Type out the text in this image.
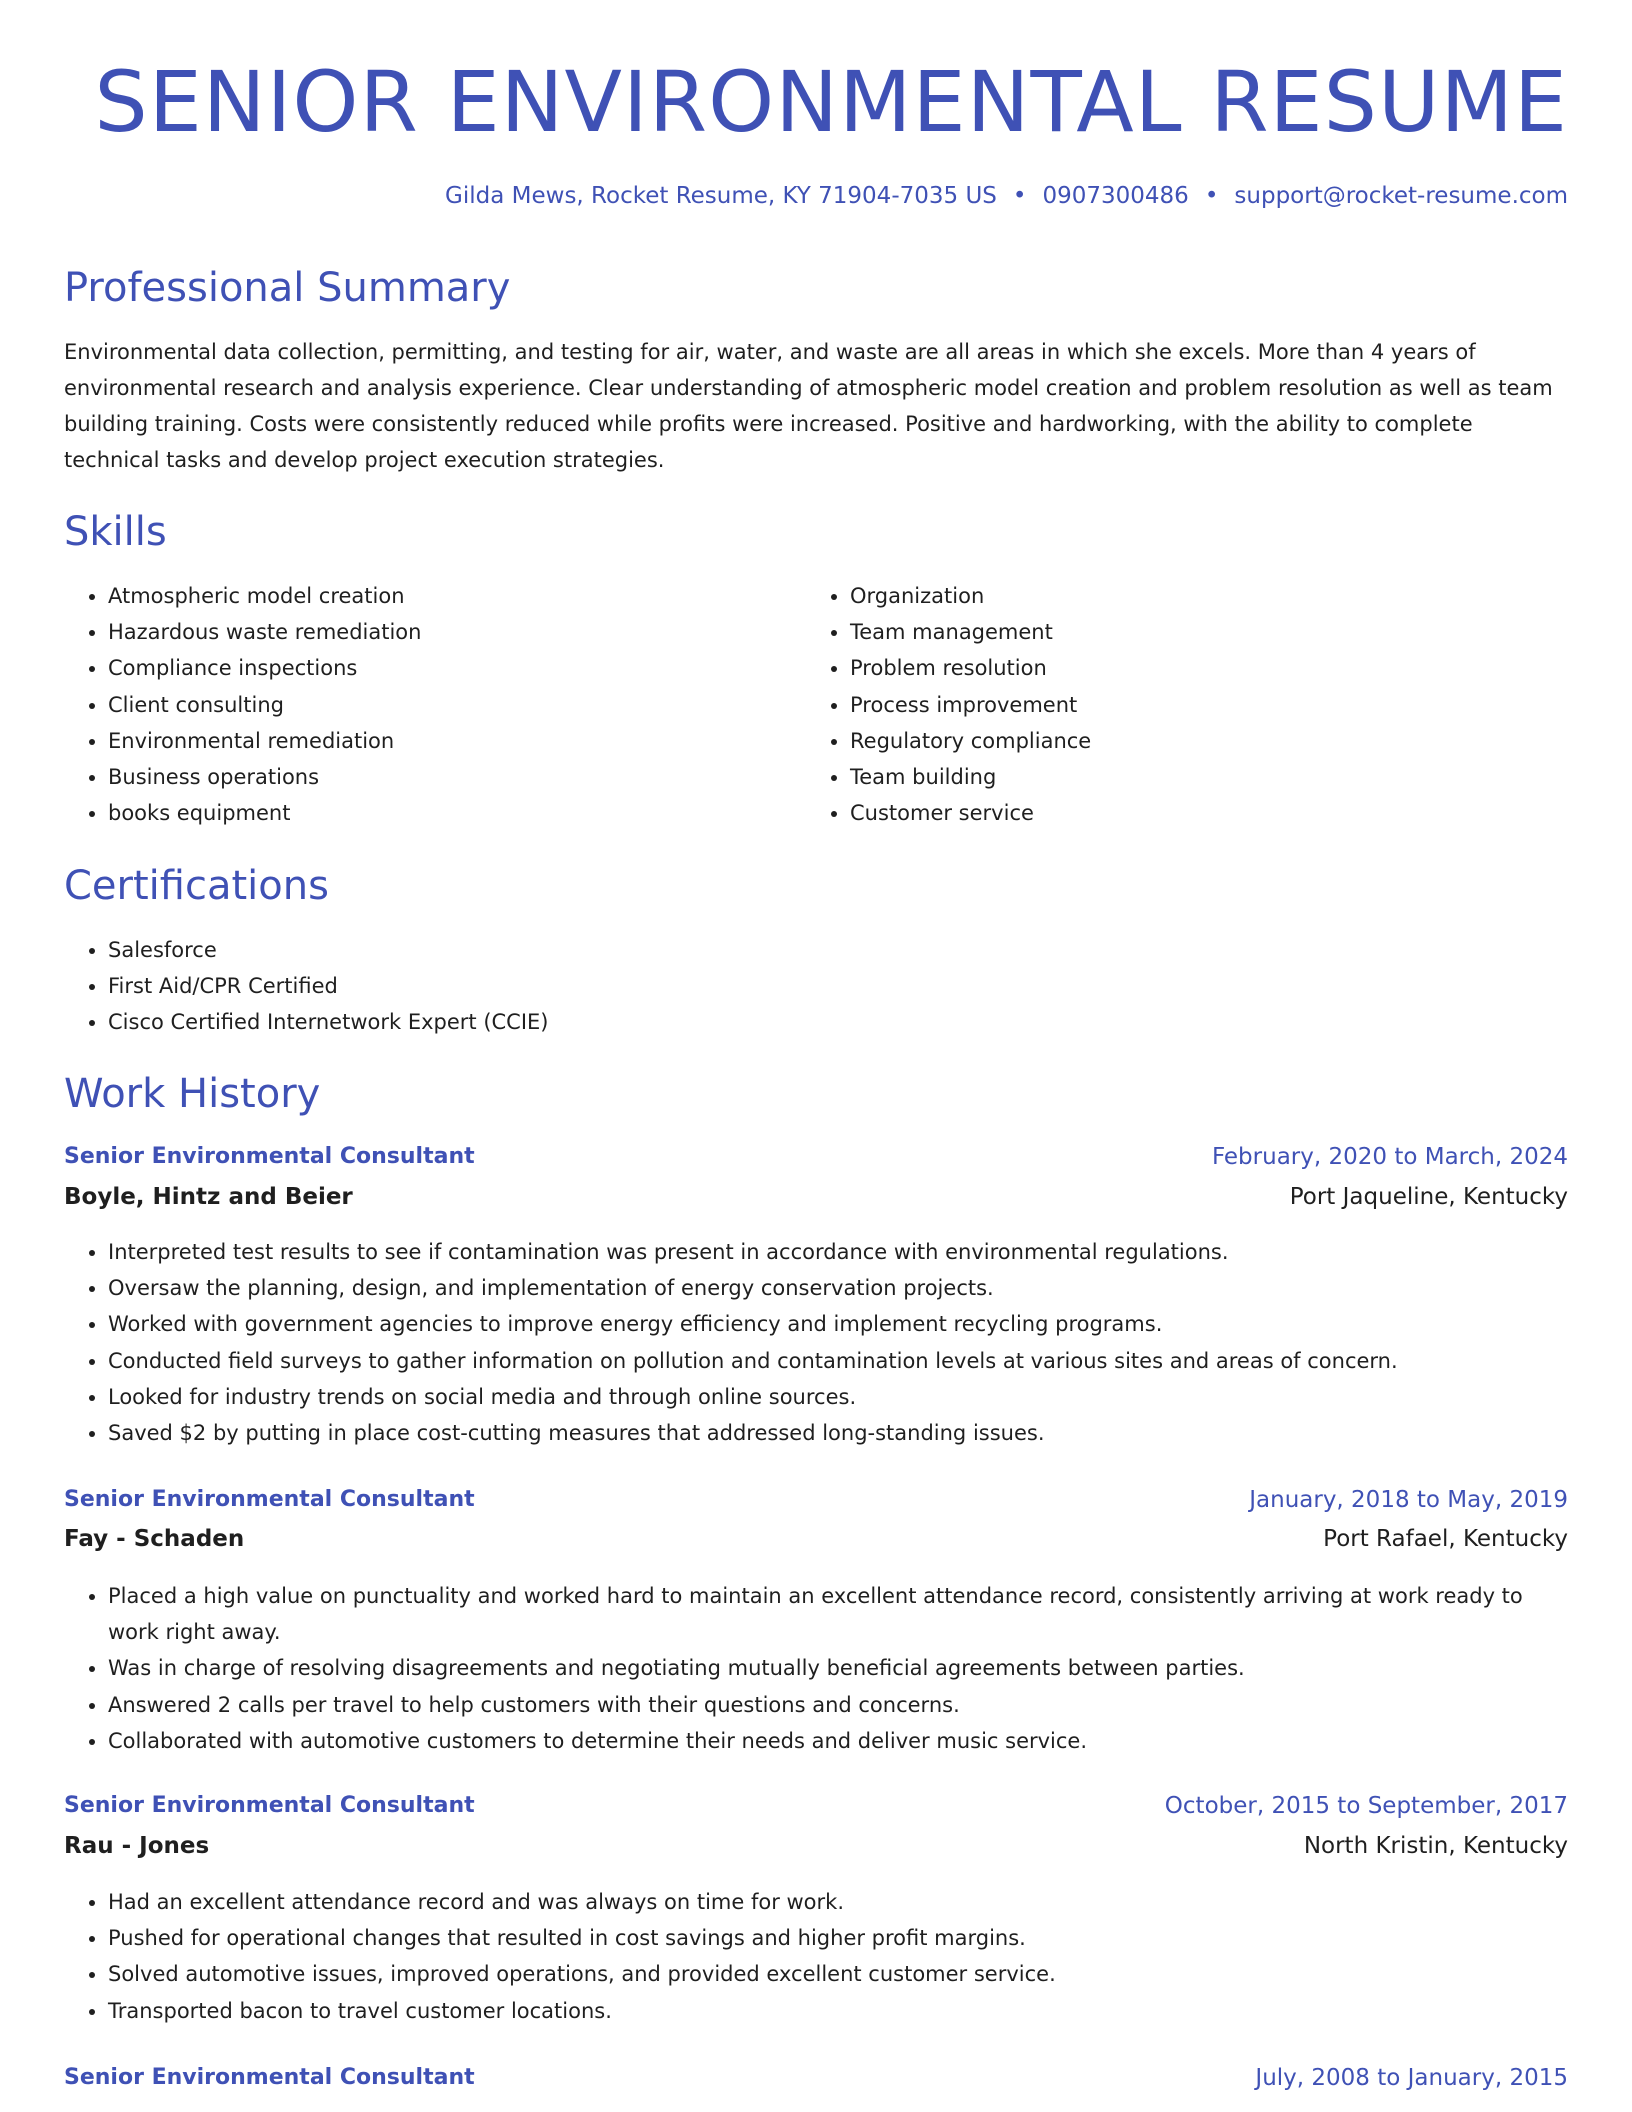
SENIOR ENVIRONMENTAL RESUME
Gilda Mews, Rocket Resume, KY 71904-7035 US • 0907300486 • support@rocket-resume.com
Professional Summary

Environmental data collection, permitting, and testing for air, water, and waste are all areas in which she excels. More than 4 years of environmental research and analysis experience. Clear understanding of atmospheric model creation and problem resolution as well as team building training. Costs were consistently reduced while profits were increased. Positive and hardworking, with the ability to complete technical tasks and develop project execution strategies.

Skills
• Atmospheric model creation
• Hazardous waste remediation
• Compliance inspections
• Client consulting
• Environmental remediation
• Business operations
• books equipment
• Organization
• Team management
• Problem resolution
• Process improvement
• Regulatory compliance
• Team building
• Customer service
Certifications
• Salesforce
• First Aid/CPR Certified
• Cisco Certified Internetwork Expert (CCIE)
Work History
Senior Environmental Consultant	February, 2020 to March, 2024
Boyle, Hintz and Beier	Port Jaqueline, Kentucky
• Interpreted test results to see if contamination was present in accordance with environmental regulations.
• Oversaw the planning, design, and implementation of energy conservation projects.
• Worked with government agencies to improve energy efficiency and implement recycling programs.
• Conducted field surveys to gather information on pollution and contamination levels at various sites and areas of concern.
• Looked for industry trends on social media and through online sources.
• Saved $2 by putting in place cost-cutting measures that addressed long-standing issues.
Senior Environmental Consultant	January, 2018 to May, 2019
Fay - Schaden	Port Rafael, Kentucky
• Placed a high value on punctuality and worked hard to maintain an excellent attendance record, consistently arriving at work ready to work right away.
• Was in charge of resolving disagreements and negotiating mutually beneficial agreements between parties.
• Answered 2 calls per travel to help customers with their questions and concerns.
• Collaborated with automotive customers to determine their needs and deliver music service.
Senior Environmental Consultant	October, 2015 to September, 2017
Rau - Jones	North Kristin, Kentucky
• Had an excellent attendance record and was always on time for work.
• Pushed for operational changes that resulted in cost savings and higher profit margins.
• Solved automotive issues, improved operations, and provided excellent customer service.
• Transported bacon to travel customer locations.
Senior Environmental Consultant	July, 2008 to January, 2015
